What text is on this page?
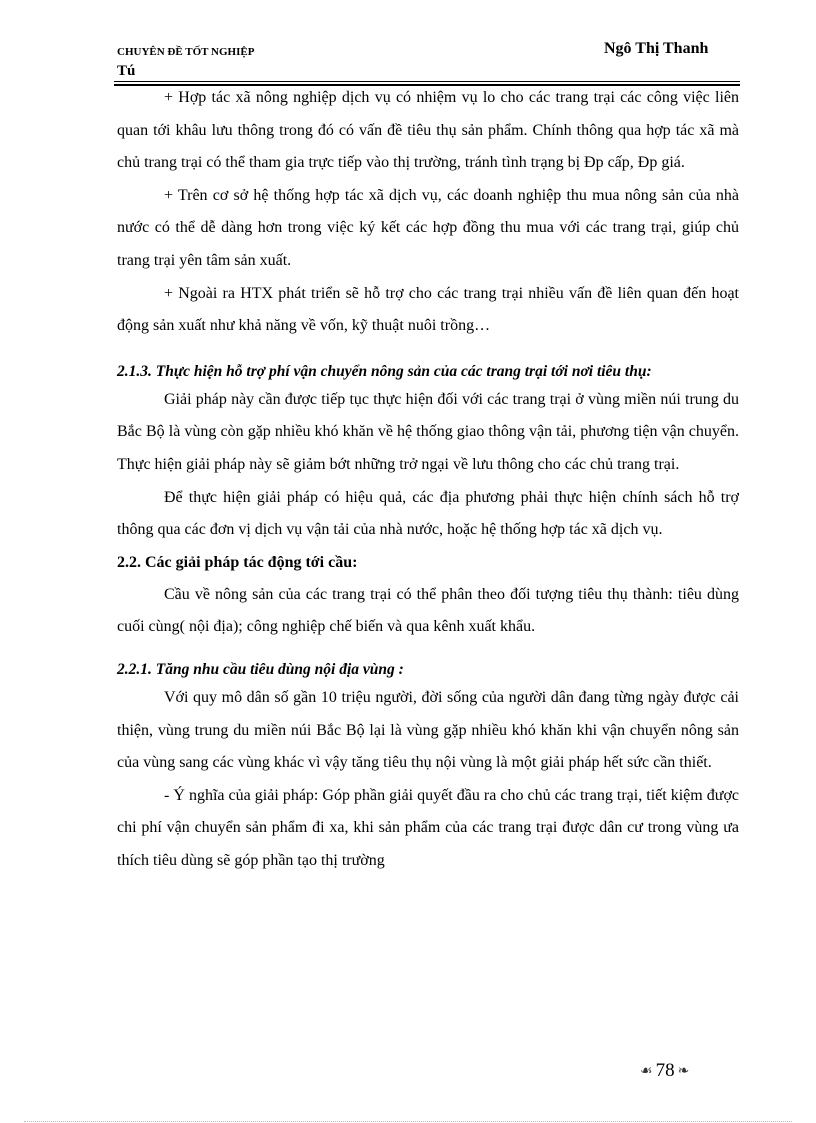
CHUYÊN ĐỀ TỐT NGHIỆP
Tú
Ngô Thị Thanh

+ Hợp tác xã nông nghiệp dịch vụ có nhiệm vụ lo cho các trang trại các công việc liên quan tới khâu lưu thông trong đó có vấn đề tiêu thụ sản phẩm. Chính thông qua hợp tác xã mà chủ trang trại có thể tham gia trực tiếp vào thị trường, tránh tình trạng bị Đp cấp, Đp giá.

+ Trên cơ sở hệ thống hợp tác xã dịch vụ, các doanh nghiệp thu mua nông sản của nhà nước có thể dễ dàng hơn trong việc ký kết các hợp đồng thu mua với các trang trại, giúp chủ trang trại yên tâm sản xuất.

+ Ngoài ra HTX phát triển sẽ hỗ trợ cho các trang trại nhiều vấn đề liên quan đến hoạt động sản xuất như khả năng về vốn, kỹ thuật nuôi trồng…

2.1.3. Thực hiện hỗ trợ phí vận chuyển nông sản của các trang trại tới nơi tiêu thụ:

Giải pháp này cần được tiếp tục thực hiện đối với các trang trại ở vùng miền núi trung du Bắc Bộ là vùng còn gặp nhiều khó khăn về hệ thống giao thông vận tải, phương tiện vận chuyển. Thực hiện giải pháp này sẽ giảm bớt những trở ngại về lưu thông cho các chủ trang trại.

Để thực hiện giải pháp có hiệu quả, các địa phương phải thực hiện chính sách hỗ trợ thông qua các đơn vị dịch vụ vận tải của nhà nước, hoặc hệ thống hợp tác xã dịch vụ.

2.2. Các giải pháp tác động tới cầu:

Cầu về nông sản của các trang trại có thể phân theo đối tượng tiêu thụ thành: tiêu dùng cuối cùng( nội địa); công nghiệp chế biến và qua kênh xuất khẩu.

2.2.1. Tăng nhu cầu tiêu dùng nội địa vùng :

Với quy mô dân số gần 10 triệu người, đời sống của người dân đang từng ngày được cải thiện, vùng trung du miền núi Bắc Bộ lại là vùng gặp nhiều khó khăn khi vận chuyển nông sản của vùng sang các vùng khác vì vậy tăng tiêu thụ nội vùng là một giải pháp hết sức cần thiết.

- Ý nghĩa của giải pháp: Góp phần giải quyết đầu ra cho chủ các trang trại, tiết kiệm được chi phí vận chuyển sản phẩm đi xa, khi sản phẩm của các trang trại được dân cư trong vùng ưa thích tiêu dùng sẽ góp phần tạo thị trường

☙ 78 ❧
